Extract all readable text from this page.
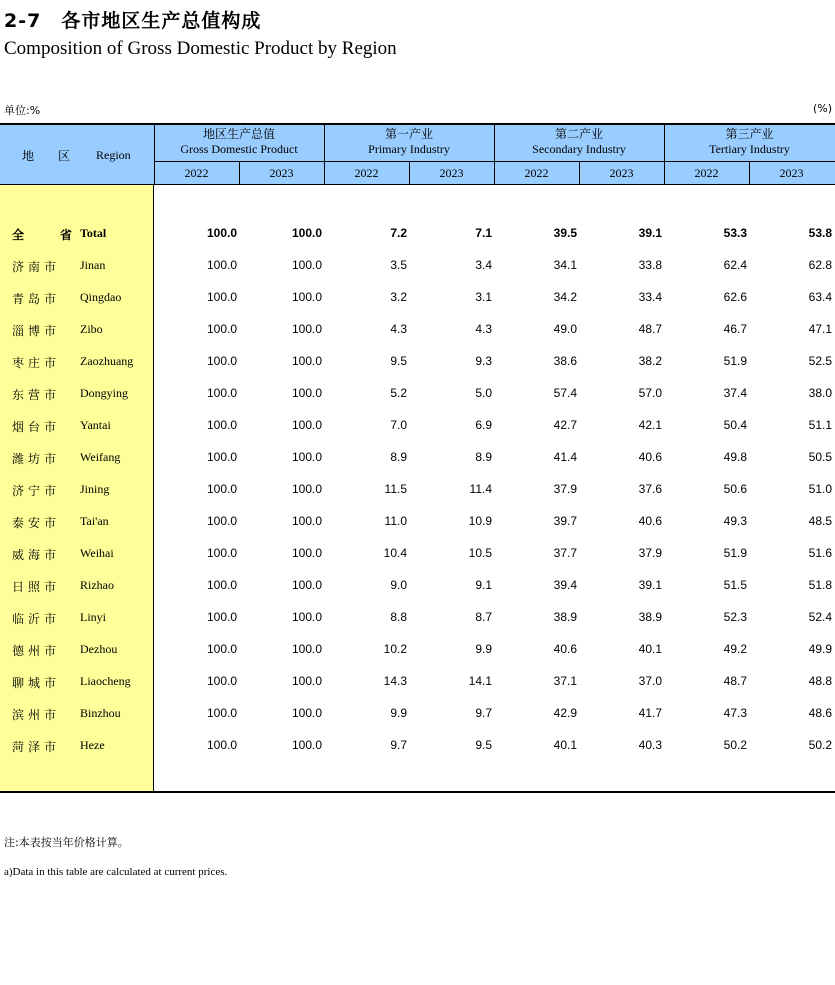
2-7　各市地区生产总值构成
Composition of Gross Domestic Product by Region
单位:%	(%)
地　区 Region
地区生产总值
Gross Domestic Product
第一产业
Primary Industry
第二产业
Secondary Industry
第三产业
Tertiary Industry
2022	2023	2022	2023	2022	2023	2022	2023
全　　省 Total	100.0	100.0	7.2	7.1	39.5	39.1	53.3	53.8
济南市 Jinan	100.0	100.0	3.5	3.4	34.1	33.8	62.4	62.8
青岛市 Qingdao	100.0	100.0	3.2	3.1	34.2	33.4	62.6	63.4
淄博市 Zibo	100.0	100.0	4.3	4.3	49.0	48.7	46.7	47.1
枣庄市 Zaozhuang	100.0	100.0	9.5	9.3	38.6	38.2	51.9	52.5
东营市 Dongying	100.0	100.0	5.2	5.0	57.4	57.0	37.4	38.0
烟台市 Yantai	100.0	100.0	7.0	6.9	42.7	42.1	50.4	51.1
潍坊市 Weifang	100.0	100.0	8.9	8.9	41.4	40.6	49.8	50.5
济宁市 Jining	100.0	100.0	11.5	11.4	37.9	37.6	50.6	51.0
泰安市 Tai'an	100.0	100.0	11.0	10.9	39.7	40.6	49.3	48.5
威海市 Weihai	100.0	100.0	10.4	10.5	37.7	37.9	51.9	51.6
日照市 Rizhao	100.0	100.0	9.0	9.1	39.4	39.1	51.5	51.8
临沂市 Linyi	100.0	100.0	8.8	8.7	38.9	38.9	52.3	52.4
德州市 Dezhou	100.0	100.0	10.2	9.9	40.6	40.1	49.2	49.9
聊城市 Liaocheng	100.0	100.0	14.3	14.1	37.1	37.0	48.7	48.8
滨州市 Binzhou	100.0	100.0	9.9	9.7	42.9	41.7	47.3	48.6
菏泽市 Heze	100.0	100.0	9.7	9.5	40.1	40.3	50.2	50.2
注:本表按当年价格计算。
a)Data in this table are calculated at current prices.
